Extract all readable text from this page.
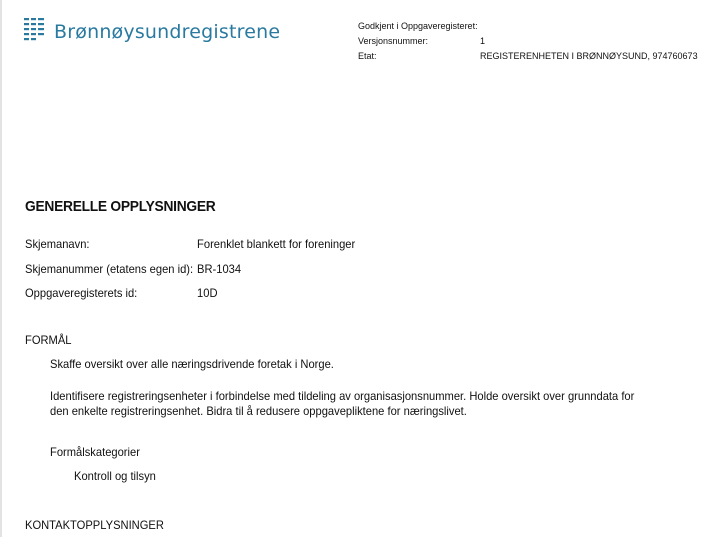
Brønnøysundregistrene	Godkjent i Oppgaveregisteret:
Versjonsnummer:	1
Etat:	REGISTERENHETEN I BRØNNØYSUND, 974760673
GENERELLE OPPLYSNINGER
Skjemanavn:	Forenklet blankett for foreninger
Skjemanummer (etatens egen id): BR-1034
Oppgaveregisterets id:	10D
FORMÅL
Skaffe oversikt over alle næringsdrivende foretak i Norge.
Identifisere registreringsenheter i forbindelse med tildeling av organisasjonsnummer. Holde oversikt over grunndata for den enkelte registreringsenhet. Bidra til å redusere oppgavepliktene for næringslivet.
Formålskategorier
Kontroll og tilsyn
KONTAKTOPPLYSNINGER
